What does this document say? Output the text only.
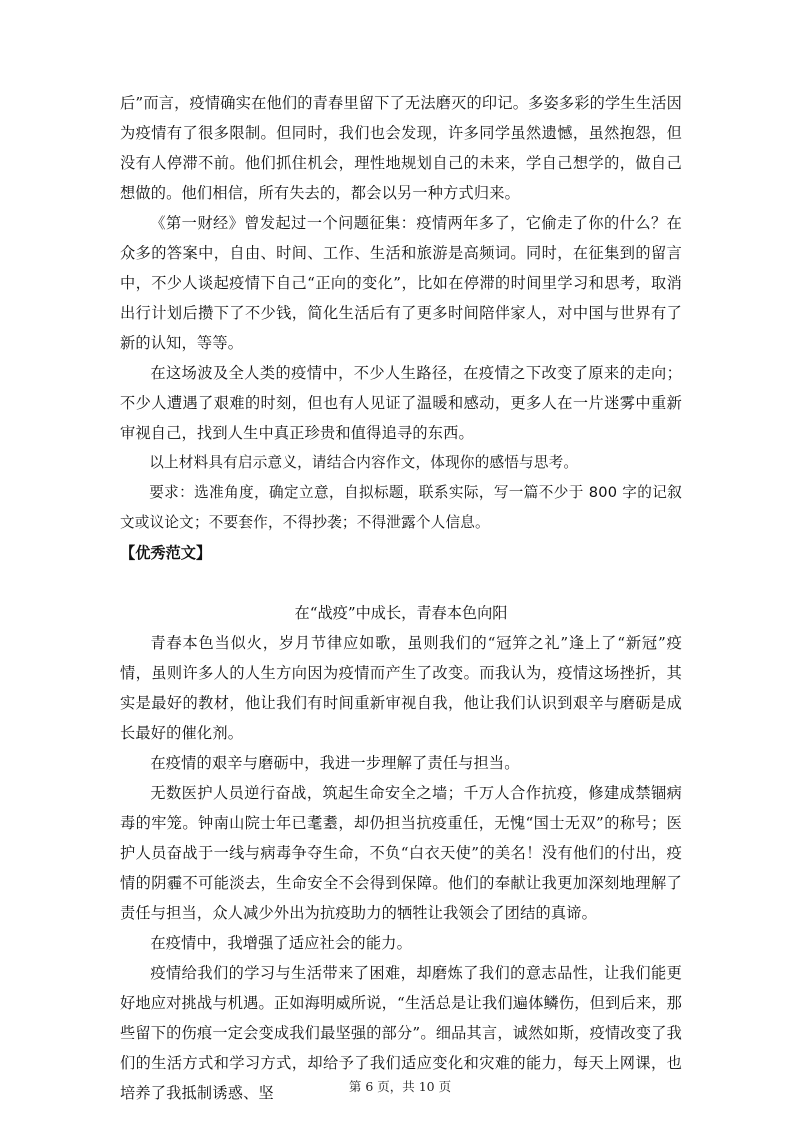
后”而言，疫情确实在他们的青春里留下了无法磨灭的印记。多姿多彩的学生生活因为疫情有了很多限制。但同时，我们也会发现，许多同学虽然遗憾，虽然抱怨，但没有人停滞不前。他们抓住机会，理性地规划自己的未来，学自己想学的，做自己想做的。他们相信，所有失去的，都会以另一种方式归来。

《第一财经》曾发起过一个问题征集：疫情两年多了，它偷走了你的什么？在众多的答案中，自由、时间、工作、生活和旅游是高频词。同时，在征集到的留言中，不少人谈起疫情下自己“正向的变化”，比如在停滞的时间里学习和思考，取消出行计划后攒下了不少钱，简化生活后有了更多时间陪伴家人，对中国与世界有了新的认知，等等。

在这场波及全人类的疫情中，不少人生路径，在疫情之下改变了原来的走向；不少人遭遇了艰难的时刻，但也有人见证了温暖和感动，更多人在一片迷雾中重新审视自己，找到人生中真正珍贵和值得追寻的东西。

以上材料具有启示意义，请结合内容作文，体现你的感悟与思考。

要求：选准角度，确定立意，自拟标题，联系实际，写一篇不少于 800 字的记叙文或议论文；不要套作，不得抄袭；不得泄露个人信息。

【优秀范文】

在“战疫”中成长，青春本色向阳

青春本色当似火，岁月节律应如歌，虽则我们的“冠笄之礼”逢上了“新冠”疫情，虽则许多人的人生方向因为疫情而产生了改变。而我认为，疫情这场挫折，其实是最好的教材，他让我们有时间重新审视自我，他让我们认识到艰辛与磨砺是成长最好的催化剂。

在疫情的艰辛与磨砺中，我进一步理解了责任与担当。

无数医护人员逆行奋战，筑起生命安全之墙；千万人合作抗疫，修建成禁锢病毒的牢笼。钟南山院士年已耄耋，却仍担当抗疫重任，无愧“国士无双”的称号；医护人员奋战于一线与病毒争夺生命，不负“白衣天使”的美名！没有他们的付出，疫情的阴霾不可能淡去，生命安全不会得到保障。他们的奉献让我更加深刻地理解了责任与担当，众人减少外出为抗疫助力的牺牲让我领会了团结的真谛。

在疫情中，我增强了适应社会的能力。

疫情给我们的学习与生活带来了困难，却磨炼了我们的意志品性，让我们能更好地应对挑战与机遇。正如海明威所说，“生活总是让我们遍体鳞伤，但到后来，那些留下的伤痕一定会变成我们最坚强的部分”。细品其言，诚然如斯，疫情改变了我们的生活方式和学习方式，却给予了我们适应变化和灾难的能力，每天上网课，也培养了我抵制诱惑、坚	第 6 页，共 10 页
